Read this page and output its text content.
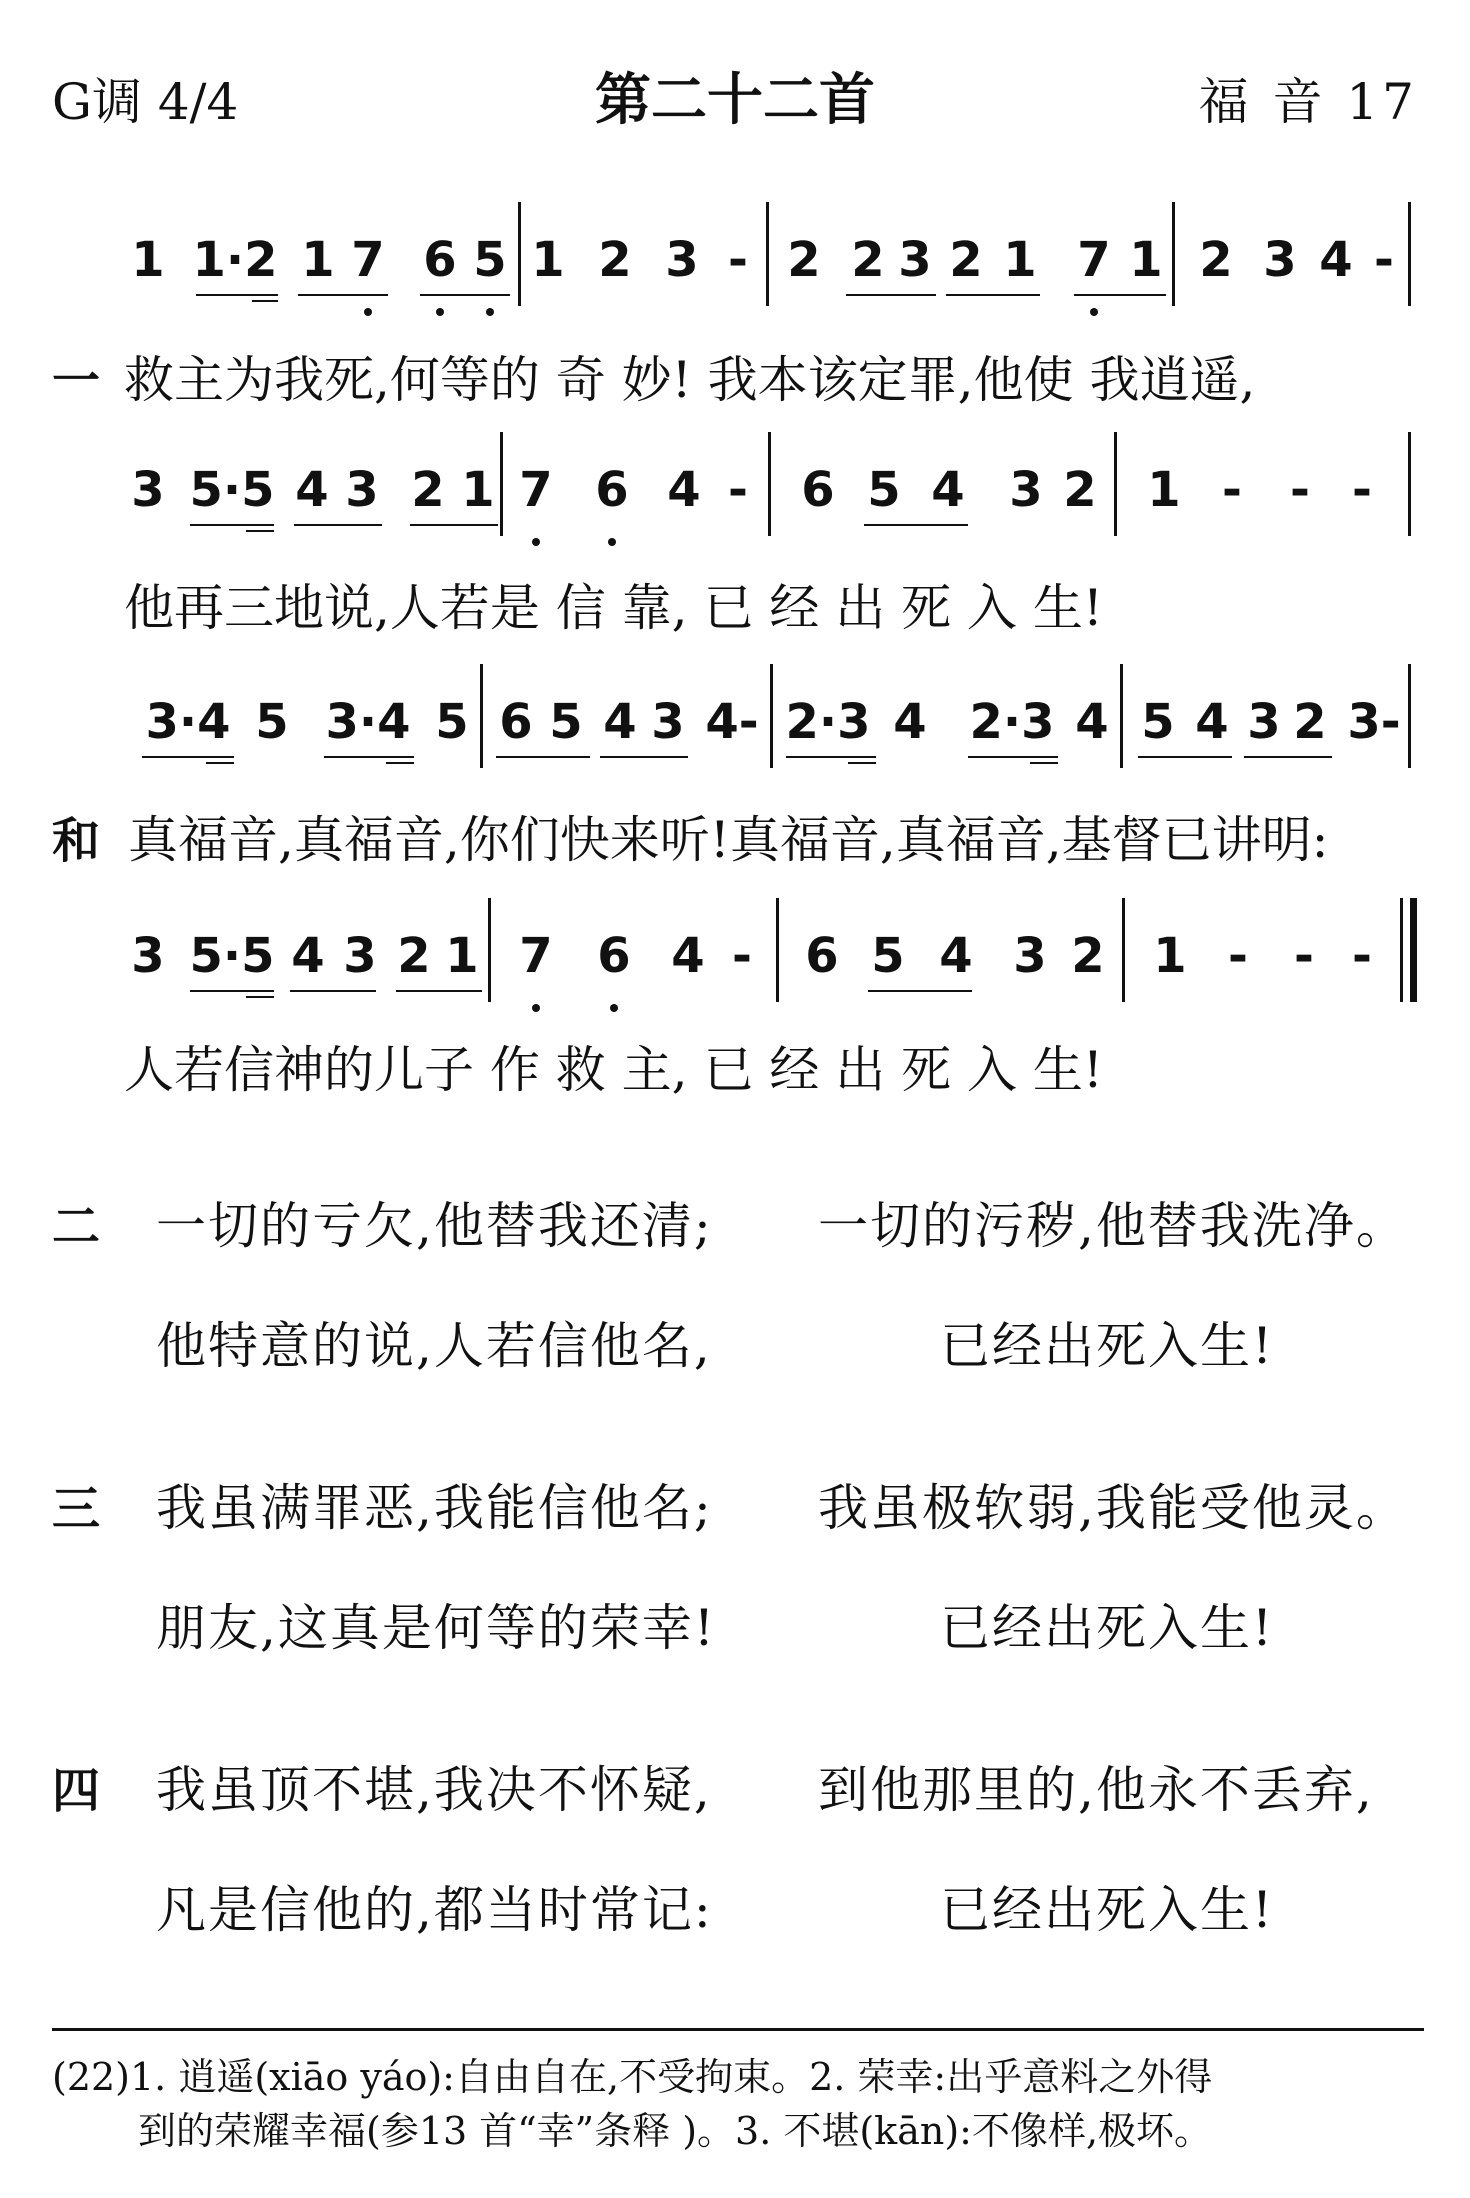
G调 4/4	第二十二首	福 音 17
1 1·2 1 7 6 5 1 2 3 - 2 2 3 2 1 7 1 2 3 4 -
一 救主为我死,何等的 奇 妙! 我本该定罪,他使 我逍遥,
3 5·5 4 3 2 1 7 6 4 - 6 5 4 3 2 1 - - -
他再三地说,人若是 信 靠, 已 经 出 死 入 生!
3·4 5 3·4 5 6 5 4 3 4- 2·3 4 2·3 4 5 4 3 2 3-
和 真福音,真福音,你们快来听!真福音,真福音,基督已讲明:
3 5·5 4 3 2 1 7 6 4 - 6 5 4 3 2 1 - - -
人若信神的儿子 作 救 主, 已 经 出 死 入 生!
二 一切的亏欠,他替我还清; 一切的污秽,他替我洗净。
他特意的说,人若信他名,	已经出死入生!
三 我虽满罪恶,我能信他名; 我虽极软弱,我能受他灵。
朋友,这真是何等的荣幸!	已经出死入生!
四 我虽顶不堪,我决不怀疑, 到他那里的,他永不丢弃,
凡是信他的,都当时常记:	已经出死入生!
(22)1. 逍遥(xiāo yáo):自由自在,不受拘束。2. 荣幸:出乎意料之外得
到的荣耀幸福(参13 首“幸”条释 )。3. 不堪(kān):不像样,极坏。
